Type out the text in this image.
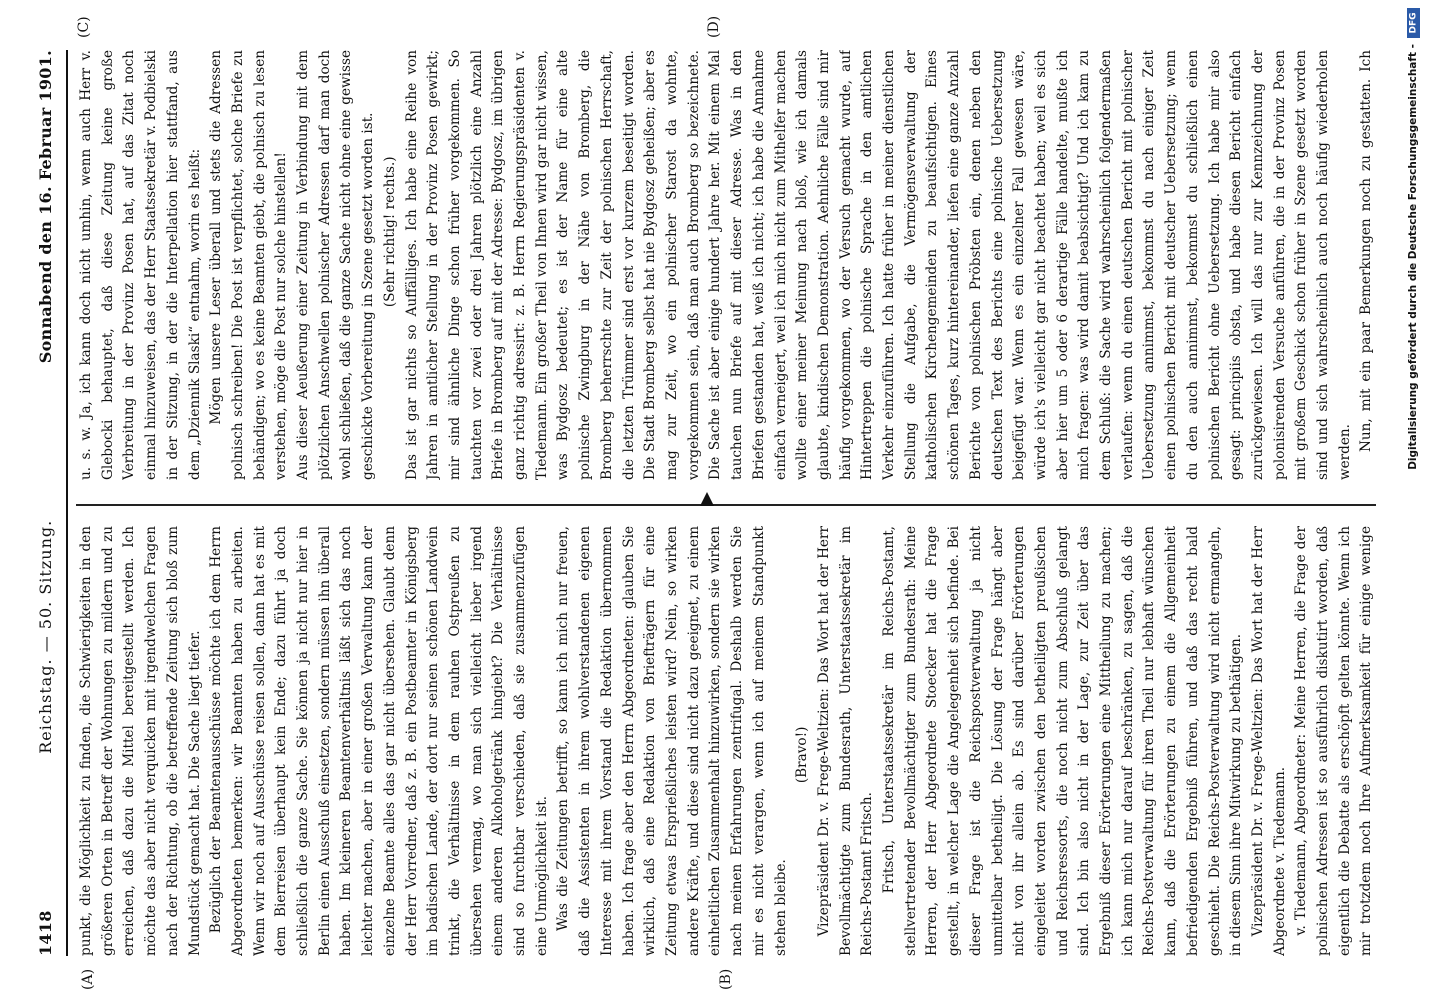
1418
Reichstag. — 50. Sitzung.
Sonnabend den 16. Februar 1901.
(A)	(B)
(C)	(D)
punkt, die Möglichkeit zu finden, die Schwierigkeiten in den größeren Orten in Betreff der Wohnungen zu mildern und zu erreichen, daß dazu die Mittel bereitgestellt werden. Ich möchte das aber nicht verquicken mit irgendwelchen Fragen nach der Richtung, ob die betreffende Zeitung sich bloß zum Mundstück gemacht hat. Die Sache liegt tiefer.
Bezüglich der Beamtenausschüsse möchte ich dem Herrn Abgeordneten bemerken: wir Beamten haben zu arbeiten. Wenn wir noch auf Ausschüsse reisen sollen, dann hat es mit dem Bierreisen überhaupt kein Ende; dazu führt ja doch schließlich die ganze Sache. Sie können ja nicht nur hier in Berlin einen Ausschuß einsetzen, sondern müssen ihn überall haben. Im kleineren Beamtenverhältnis läßt sich das noch leichter machen, aber in einer großen Verwaltung kann der einzelne Beamte alles das gar nicht übersehen. Glaubt denn der Herr Vorredner, daß z. B. ein Postbeamter in Königsberg im badischen Lande, der dort nur seinen schönen Landwein trinkt, die Verhältnisse in dem rauhen Ostpreußen zu übersehen vermag, wo man sich vielleicht lieber irgend einem anderen Alkoholgetränk hingiebt? Die Verhältnisse sind so furchtbar verschieden, daß sie zusammenzufügen eine Unmöglichkeit ist.
Was die Zeitungen betrifft, so kann ich mich nur freuen, daß die Assistenten in ihrem wohlverstandenen eigenen Interesse mit ihrem Vorstand die Redaktion übernommen haben. Ich frage aber den Herrn Abgeordneten: glauben Sie wirklich, daß eine Redaktion von Briefträgern für eine Zeitung etwas Ersprießliches leisten wird? Nein, so wirken andere Kräfte, und diese sind nicht dazu geeignet, zu einem einheitlichen Zusammenhalt hinzuwirken, sondern sie wirken nach meinen Erfahrungen zentrifugal. Deshalb werden Sie mir es nicht verargen, wenn ich auf meinem Standpunkt stehen bleibe.
(Bravo!)
Vizepräsident Dr. v. Frege-Weltzien: Das Wort hat der Herr Bevollmächtigte zum Bundesrath, Unterstaatssekretär im Reichs-Postamt Fritsch.
Fritsch, Unterstaatssekretär im Reichs-Postamt, stellvertretender Bevollmächtigter zum Bundesrath: Meine Herren, der Herr Abgeordnete Stoecker hat die Frage gestellt, in welcher Lage die Angelegenheit sich befinde. Bei dieser Frage ist die Reichspostverwaltung ja nicht unmittelbar betheiligt. Die Lösung der Frage hängt aber nicht von ihr allein ab. Es sind darüber Erörterungen eingeleitet worden zwischen den betheiligten preußischen und Reichsressorts, die noch nicht zum Abschluß gelangt sind. Ich bin also nicht in der Lage, zur Zeit über das Ergebniß dieser Erörterungen eine Mittheilung zu machen; ich kann mich nur darauf beschränken, zu sagen, daß die Reichs-Postverwaltung für ihren Theil nur lebhaft wünschen kann, daß die Erörterungen zu einem die Allgemeinheit befriedigenden Ergebniß führen, und daß das recht bald geschieht. Die Reichs-Postverwaltung wird nicht ermangeln, in diesem Sinn ihre Mitwirkung zu bethätigen.
Vizepräsident Dr. v. Frege-Weltzien: Das Wort hat der Herr Abgeordnete v. Tiedemann.
v. Tiedemann, Abgeordneter: Meine Herren, die Frage der polnischen Adressen ist so ausführlich diskutirt worden, daß eigentlich die Debatte als erschöpft gelten könnte. Wenn ich mir trotzdem noch Ihre Aufmerksamkeit für einige wenige

u. s. w. Ja, ich kann doch nicht umhin, wenn auch Herr v. Glebocki behauptet, daß diese Zeitung keine große Verbreitung in der Provinz Posen hat, auf das Zitat noch einmal hinzuweisen, das der Herr Staatssekretär v. Podbielski in der Sitzung, in der die Interpellation hier stattfand, aus dem „Dziennik Slaski“ entnahm, worin es heißt:
Mögen unsere Leser überall und stets die Adressen polnisch schreiben! Die Post ist verpflichtet, solche Briefe zu behändigen; wo es keine Beamten giebt, die polnisch zu lesen verstehen, möge die Post nur solche hinstellen!
Aus dieser Aeußerung einer Zeitung in Verbindung mit dem plötzlichen Anschwellen polnischer Adressen darf man doch wohl schließen, daß die ganze Sache nicht ohne eine gewisse geschickte Vorbereitung in Szene gesetzt worden ist.
(Sehr richtig! rechts.)
Das ist gar nichts so Auffälliges. Ich habe eine Reihe von Jahren in amtlicher Stellung in der Provinz Posen gewirkt; mir sind ähnliche Dinge schon früher vorgekommen. So tauchten vor zwei oder drei Jahren plötzlich eine Anzahl Briefe in Bromberg auf mit der Adresse: Bydgosz, im übrigen ganz richtig adressirt: z. B. Herrn Regierungspräsidenten v. Tiedemann. Ein großer Theil von Ihnen wird gar nicht wissen, was Bydgosz bedeutet; es ist der Name für eine alte polnische Zwingburg in der Nähe von Bromberg, die Bromberg beherrschte zur Zeit der polnischen Herrschaft, die letzten Trümmer sind erst vor kurzem beseitigt worden. Die Stadt Bromberg selbst hat nie Bydgosz geheißen; aber es mag zur Zeit, wo ein polnischer Starost da wohnte, vorgekommen sein, daß man auch Bromberg so bezeichnete. Die Sache ist aber einige hundert Jahre her. Mit einem Mal tauchen nun Briefe auf mit dieser Adresse. Was in den Briefen gestanden hat, weiß ich nicht; ich habe die Annahme einfach verneigert, weil ich mich nicht zum Mithelfer machen wollte einer meiner Meinung nach bloß, wie ich damals glaubte, kindischen Demonstration. Aehnliche Fälle sind mir häufig vorgekommen, wo der Versuch gemacht wurde, auf Hintertreppen die polnische Sprache in den amtlichen Verkehr einzuführen. Ich hatte früher in meiner dienstlichen Stellung die Aufgabe, die Vermögensverwaltung der katholischen Kirchengemeinden zu beaufsichtigen. Eines schönen Tages, kurz hintereinander, liefen eine ganze Anzahl Berichte von polnischen Pröbsten ein, denen neben den deutschen Text des Berichts eine polnische Uebersetzung beigefügt war. Wenn es ein einzelner Fall gewesen wäre, würde ich's vielleicht gar nicht beachtet haben; weil es sich aber hier um 5 oder 6 derartige Fälle handelte, mußte ich mich fragen: was wird damit beabsichtigt? Und ich kam zu dem Schluß: die Sache wird wahrscheinlich folgendermaßen verlaufen: wenn du einen deutschen Bericht mit polnischer Uebersetzung annimmst, bekommst du nach einiger Zeit einen polnischen Bericht mit deutscher Uebersetzung; wenn du den auch annimmst, bekommst du schließlich einen polnischen Bericht ohne Uebersetzung. Ich habe mir also gesagt: principiis obsta, und habe diesen Bericht einfach zurückgewiesen. Ich will das nur zur Kennzeichnung der polonisirenden Versuche anführen, die in der Provinz Posen mit großem Geschick schon früher in Szene gesetzt worden sind und sich wahrscheinlich auch noch häufig wiederholen werden.
Nun, mit ein paar Bemerkungen noch zu gestatten. Ich
DFG
Digitalisierung gefördert durch die Deutsche Forschungsgemeinschaft -
